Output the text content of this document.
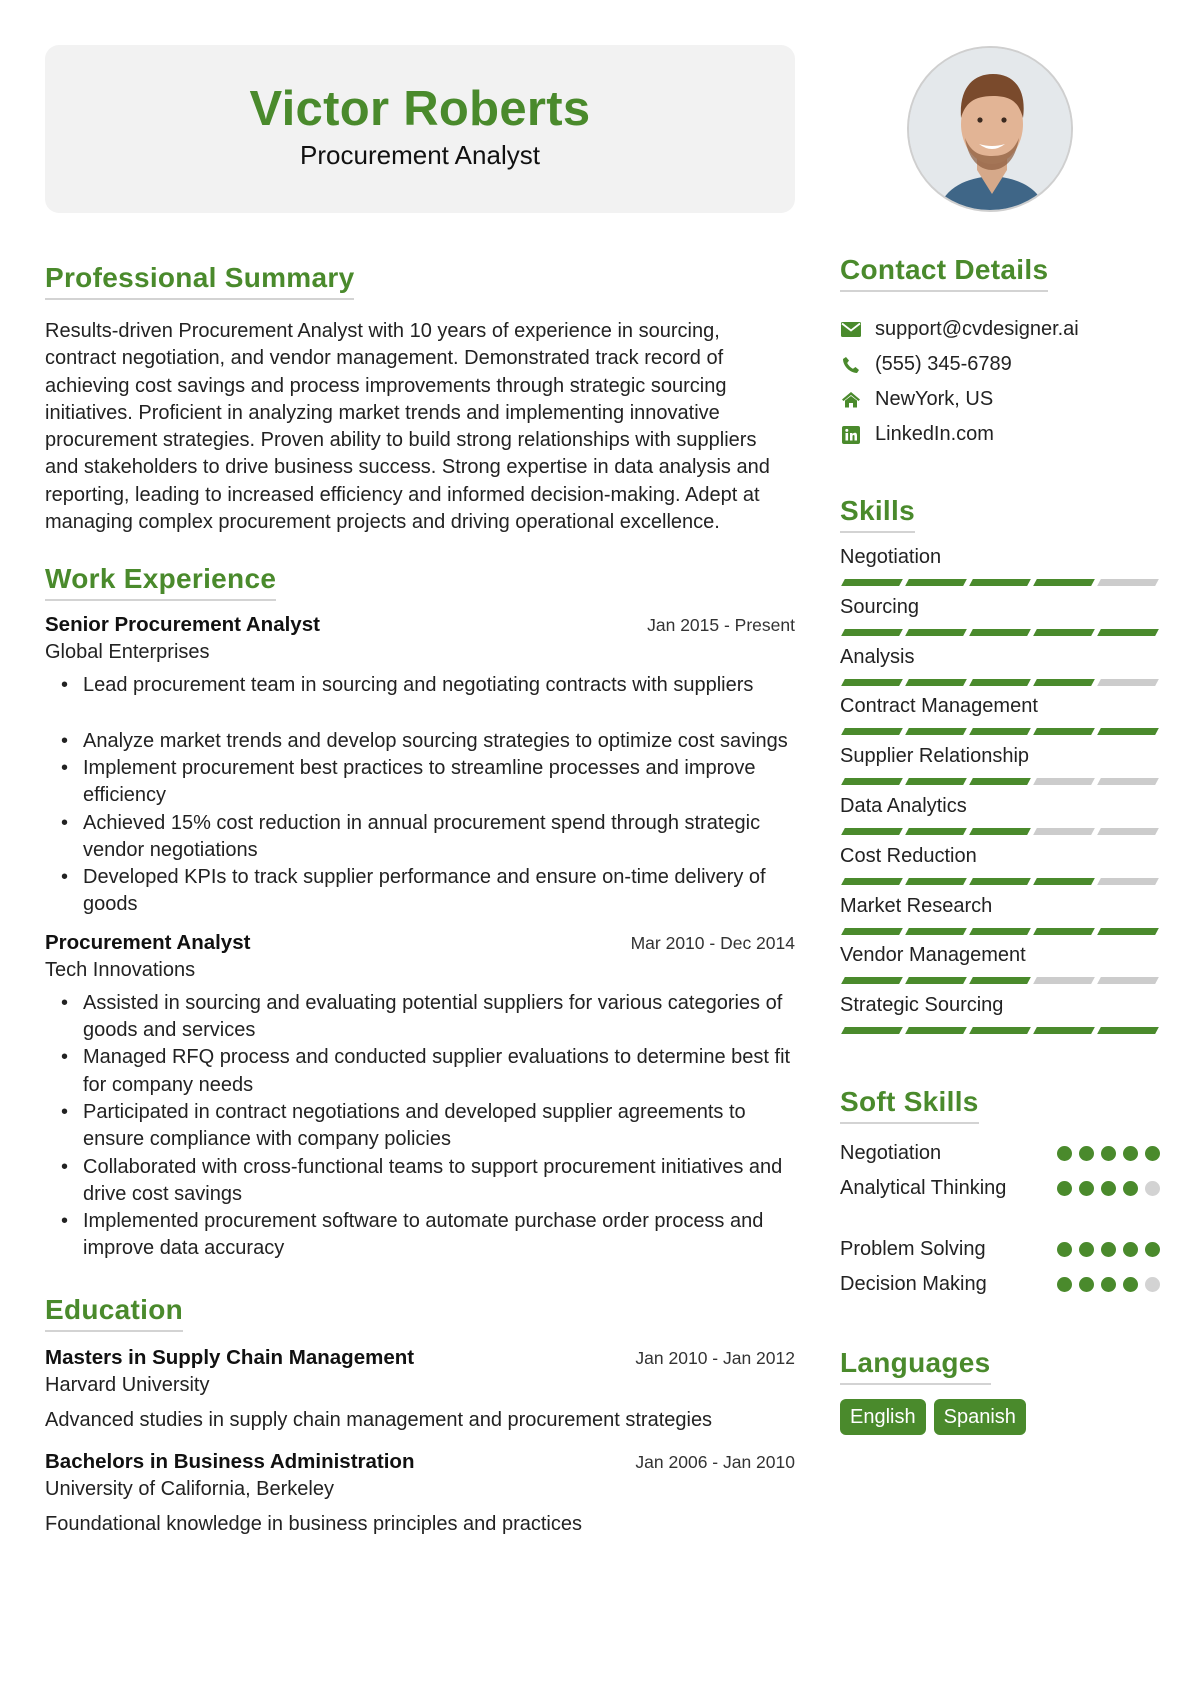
Victor Roberts
Procurement Analyst
Professional Summary

Results-driven Procurement Analyst with 10 years of experience in sourcing, contract negotiation, and vendor management. Demonstrated track record of achieving cost savings and process improvements through strategic sourcing initiatives. Proficient in analyzing market trends and implementing innovative procurement strategies. Proven ability to build strong relationships with suppliers and stakeholders to drive business success. Strong expertise in data analysis and reporting, leading to increased efficiency and informed decision-making. Adept at managing complex procurement projects and driving operational excellence.

Work Experience
Senior Procurement Analyst	Jan 2015 - Present
Global Enterprises
• Lead procurement team in sourcing and negotiating contracts with suppliers
• Analyze market trends and develop sourcing strategies to optimize cost savings
• Implement procurement best practices to streamline processes and improve efficiency
• Achieved 15% cost reduction in annual procurement spend through strategic vendor negotiations
• Developed KPIs to track supplier performance and ensure on-time delivery of goods
Procurement Analyst	Mar 2010 - Dec 2014
Tech Innovations
• Assisted in sourcing and evaluating potential suppliers for various categories of goods and services
• Managed RFQ process and conducted supplier evaluations to determine best fit for company needs
• Participated in contract negotiations and developed supplier agreements to ensure compliance with company policies
• Collaborated with cross-functional teams to support procurement initiatives and drive cost savings
• Implemented procurement software to automate purchase order process and improve data accuracy
Education
Masters in Supply Chain Management	Jan 2010 - Jan 2012
Harvard University
Advanced studies in supply chain management and procurement strategies
Bachelors in Business Administration	Jan 2006 - Jan 2010
University of California, Berkeley
Foundational knowledge in business principles and practices
Contact Details
support@cvdesigner.ai
(555) 345-6789
NewYork, US
LinkedIn.com
Skills
Negotiation
Sourcing
Analysis
Contract Management
Supplier Relationship
Data Analytics
Cost Reduction
Market Research
Vendor Management
Strategic Sourcing
Soft Skills
Negotiation
Analytical Thinking
Problem Solving
Decision Making
Languages
English	Spanish
